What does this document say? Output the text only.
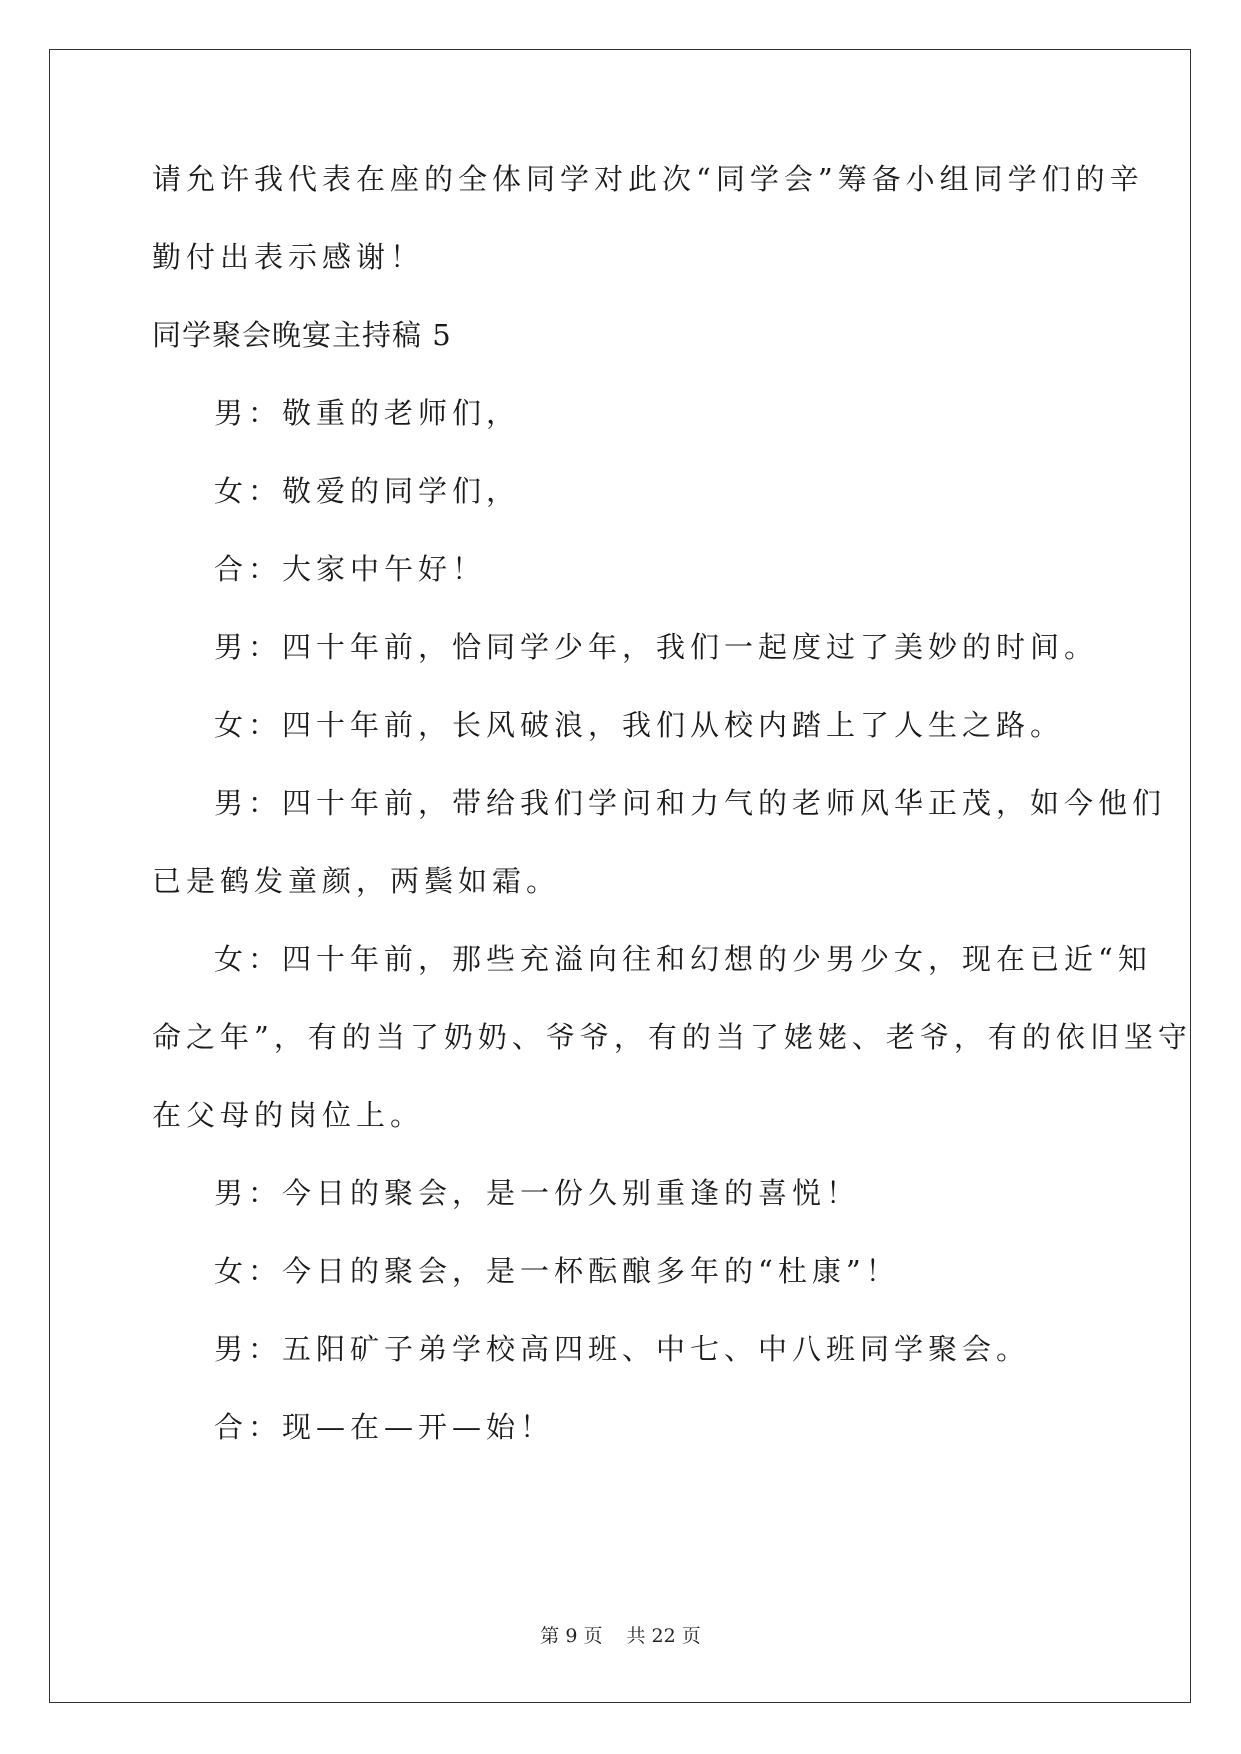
请允许我代表在座的全体同学对此次“同学会”筹备小组同学们的辛
勤付出表示感谢！
同学聚会晚宴主持稿 5
男：敬重的老师们，
女：敬爱的同学们，
合：大家中午好！
男：四十年前，恰同学少年，我们一起度过了美妙的时间。
女：四十年前，长风破浪，我们从校内踏上了人生之路。
男：四十年前，带给我们学问和力气的老师风华正茂，如今他们
已是鹤发童颜，两鬓如霜。
女：四十年前，那些充溢向往和幻想的少男少女，现在已近“知
命之年”，有的当了奶奶、爷爷，有的当了姥姥、老爷，有的依旧坚守
在父母的岗位上。
男：今日的聚会，是一份久别重逢的喜悦！
女：今日的聚会，是一杯酝酿多年的“杜康”！
男：五阳矿子弟学校高四班、中七、中八班同学聚会。
合：现—在—开—始！
第 9 页 共 22 页
